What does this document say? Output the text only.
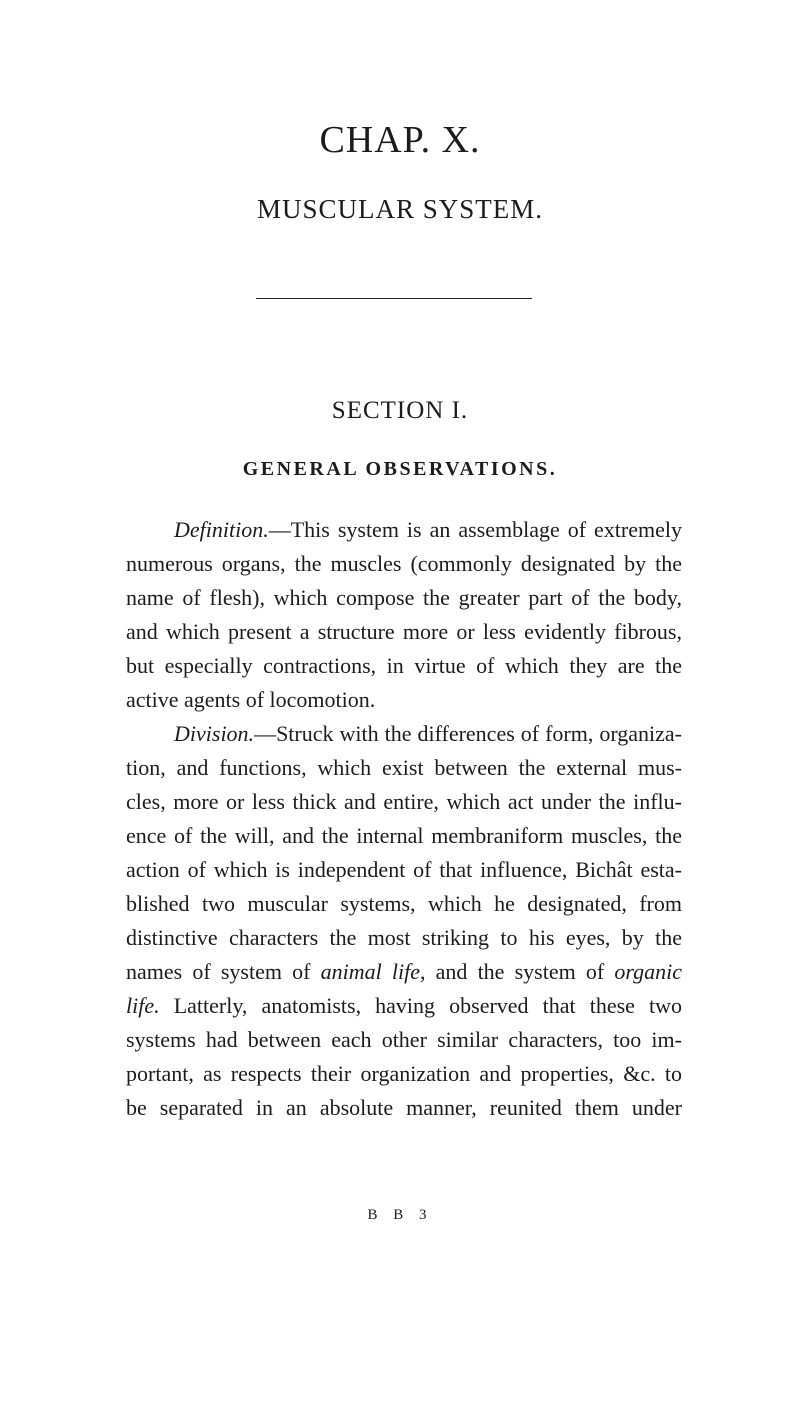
CHAP. X.
MUSCULAR SYSTEM.
SECTION I.
GENERAL OBSERVATIONS.
Definition.—This system is an assemblage of extremely
numerous organs, the muscles (commonly designated by the
name of flesh), which compose the greater part of the body,
and which present a structure more or less evidently fibrous,
but especially contractions, in virtue of which they are the
active agents of locomotion.
Division.—Struck with the differences of form, organiza-
tion, and functions, which exist between the external mus-
cles, more or less thick and entire, which act under the influ-
ence of the will, and the internal membraniform muscles, the
action of which is independent of that influence, Bichât esta-
blished two muscular systems, which he designated, from
distinctive characters the most striking to his eyes, by the
names of system of animal life, and the system of organic
life. Latterly, anatomists, having observed that these two
systems had between each other similar characters, too im-
portant, as respects their organization and properties, &c. to
be separated in an absolute manner, reunited them under
B B 3
